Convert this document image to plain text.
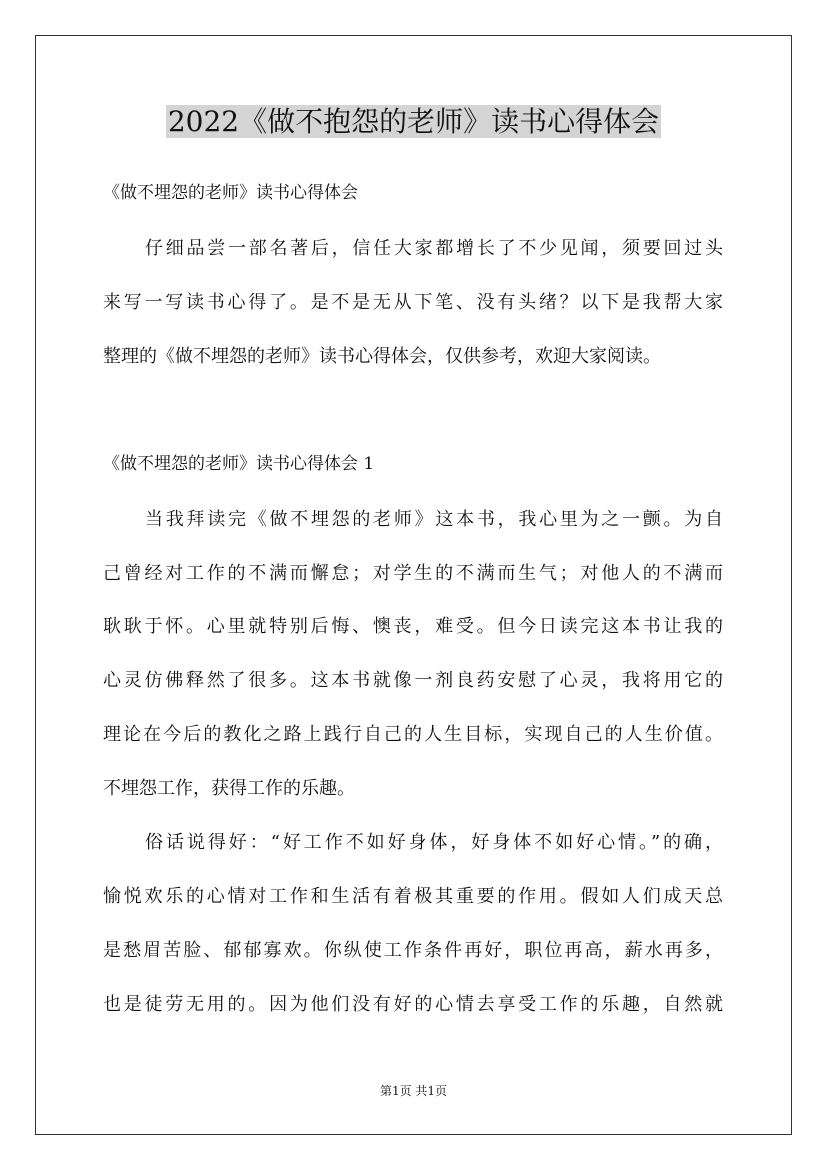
2022《做不抱怨的老师》读书心得体会
《做不埋怨的老师》读书心得体会
仔细品尝一部名著后，信任大家都增长了不少见闻，须要回过头
来写一写读书心得了。是不是无从下笔、没有头绪？以下是我帮大家
整理的《做不埋怨的老师》读书心得体会，仅供参考，欢迎大家阅读。
《做不埋怨的老师》读书心得体会 1
当我拜读完《做不埋怨的老师》这本书，我心里为之一颤。为自
己曾经对工作的不满而懈怠；对学生的不满而生气；对他人的不满而
耿耿于怀。心里就特别后悔、懊丧，难受。但今日读完这本书让我的
心灵仿佛释然了很多。这本书就像一剂良药安慰了心灵，我将用它的
理论在今后的教化之路上践行自己的人生目标，实现自己的人生价值。
不埋怨工作，获得工作的乐趣。
俗话说得好：“好工作不如好身体，好身体不如好心情。”的确，
愉悦欢乐的心情对工作和生活有着极其重要的作用。假如人们成天总
是愁眉苦脸、郁郁寡欢。你纵使工作条件再好，职位再高，薪水再多，
也是徒劳无用的。因为他们没有好的心情去享受工作的乐趣，自然就
第1页 共1页
